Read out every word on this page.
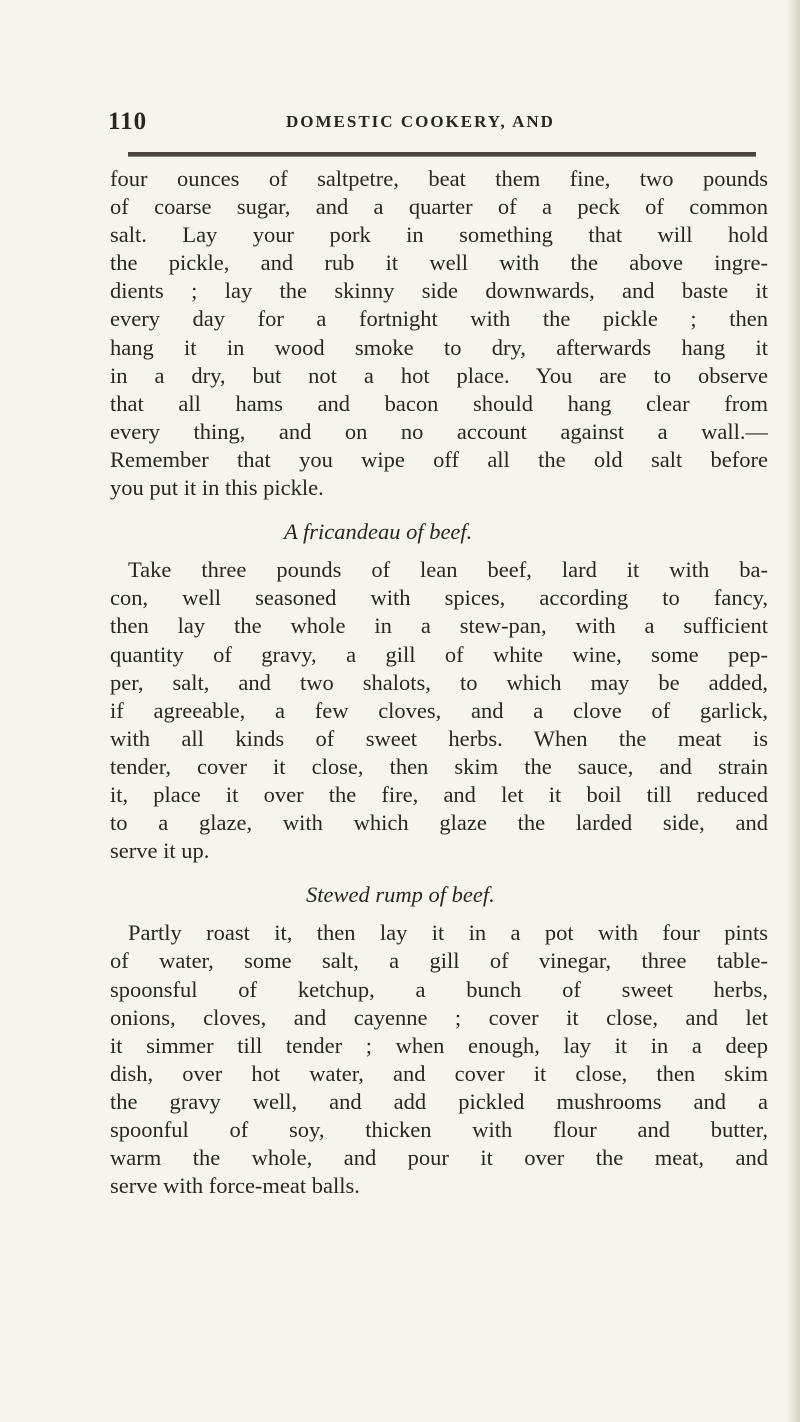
110	DOMESTIC COOKERY, AND
four ounces of saltpetre, beat them fine, two pounds
of coarse sugar, and a quarter of a peck of common
salt. Lay your pork in something that will hold
the pickle, and rub it well with the above ingre-
dients ; lay the skinny side downwards, and baste it
every day for a fortnight with the pickle ; then
hang it in wood smoke to dry, afterwards hang it
in a dry, but not a hot place. You are to observe
that all hams and bacon should hang clear from
every thing, and on no account against a wall.—
Remember that you wipe off all the old salt before
you put it in this pickle.
A fricandeau of beef.
Take three pounds of lean beef, lard it with ba-
con, well seasoned with spices, according to fancy,
then lay the whole in a stew-pan, with a sufficient
quantity of gravy, a gill of white wine, some pep-
per, salt, and two shalots, to which may be added,
if agreeable, a few cloves, and a clove of garlick,
with all kinds of sweet herbs. When the meat is
tender, cover it close, then skim the sauce, and strain
it, place it over the fire, and let it boil till reduced
to a glaze, with which glaze the larded side, and
serve it up.
Stewed rump of beef.
Partly roast it, then lay it in a pot with four pints
of water, some salt, a gill of vinegar, three table-
spoonsful of ketchup, a bunch of sweet herbs,
onions, cloves, and cayenne ; cover it close, and let
it simmer till tender ; when enough, lay it in a deep
dish, over hot water, and cover it close, then skim
the gravy well, and add pickled mushrooms and a
spoonful of soy, thicken with flour and butter,
warm the whole, and pour it over the meat, and
serve with force-meat balls.
